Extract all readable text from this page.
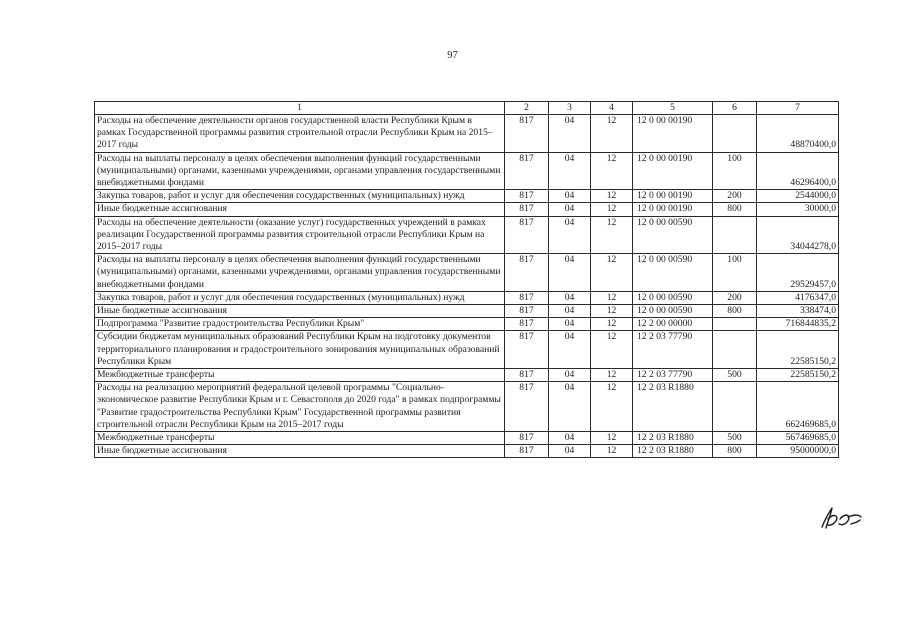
97
1	2	3	4	5	6	7
Расходы на обеспечение деятельности органов государственной власти Республики Крым в рамках Государственной программы развития строительной отрасли Республики Крым на 2015–2017 годы	817	04	12	12 0 00 00190		48870400,0
Расходы на выплаты персоналу в целях обеспечения выполнения функций государственными (муниципальными) органами, казенными учреждениями, органами управления государственными внебюджетными фондами	817	04	12	12 0 00 00190	100	46296400,0
Закупка товаров, работ и услуг для обеспечения государственных (муниципальных) нужд	817	04	12	12 0 00 00190	200	2544000,0
Иные бюджетные ассигнования	817	04	12	12 0 00 00190	800	30000,0
Расходы на обеспечение деятельности (оказание услуг) государственных учреждений в рамках реализации Государственной программы развития строительной отрасли Республики Крым на 2015–2017 годы	817	04	12	12 0 00 00590		34044278,0
Расходы на выплаты персоналу в целях обеспечения выполнения функций государственными (муниципальными) органами, казенными учреждениями, органами управления государственными внебюджетными фондами	817	04	12	12 0 00 00590	100	29529457,0
Закупка товаров, работ и услуг для обеспечения государственных (муниципальных) нужд	817	04	12	12 0 00 00590	200	4176347,0
Иные бюджетные ассигнования	817	04	12	12 0 00 00590	800	338474,0
Подпрограмма "Развитие градостроительства Республики Крым"	817	04	12	12 2 00 00000		716844835,2
Субсидии бюджетам муниципальных образований Республики Крым на подготовку документов территориального планирования и градостроительного зонирования муниципальных образований Республики Крым	817	04	12	12 2 03 77790		22585150,2
Межбюджетные трансферты	817	04	12	12 2 03 77790	500	22585150,2
Расходы на реализацию мероприятий федеральной целевой программы "Социально-экономическое развитие Республики Крым и г. Севастополя до 2020 года" в рамках подпрограммы "Развитие градостроительства Республики Крым" Государственной программы развития строительной отрасли Республики Крым на 2015–2017 годы	817	04	12	12 2 03 R1880		662469685,0
Межбюджетные трансферты	817	04	12	12 2 03 R1880	500	567469685,0
Иные бюджетные ассигнования	817	04	12	12 2 03 R1880	800	95000000,0
